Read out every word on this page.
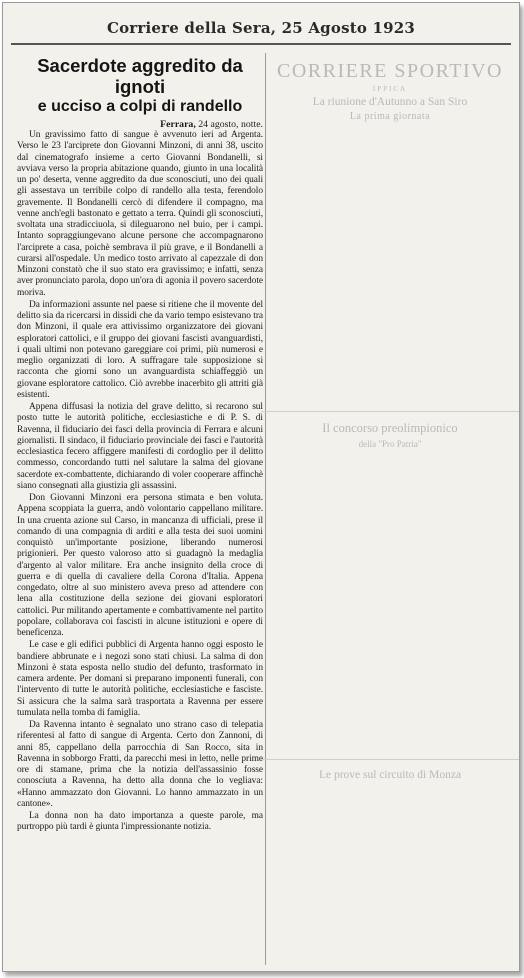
Corriere della Sera, 25 Agosto 1923
Sacerdote aggredito da ignoti
e ucciso a colpi di randello

Ferrara, 24 agosto, notte.

Un gravissimo fatto di sangue è avvenuto ieri ad Argenta. Verso le 23 l'arciprete don Giovanni Minzoni, di anni 38, uscito dal cinematografo insieme a certo Giovanni Bondanelli, si avviava verso la propria abitazione quando, giunto in una località un po' deserta, venne aggredito da due sconosciuti, uno dei quali gli assestava un terribile colpo di randello alla testa, ferendolo gravemente. Il Bondanelli cercò di difendere il compagno, ma venne anch'egli bastonato e gettato a terra. Quindi gli sconosciuti, svoltata una stradicciuola, si dileguarono nel buio, per i campi. Intanto sopraggiungevano alcune persone che accompagnarono l'arciprete a casa, poichè sembrava il più grave, e il Bondanelli a curarsi all'ospedale. Un medico tosto arrivato al capezzale di don Minzoni constatò che il suo stato era gravissimo; e infatti, senza aver pronunciato parola, dopo un'ora di agonia il povero sacerdote moriva.

Da informazioni assunte nel paese si ritiene che il movente del delitto sia da ricercarsi in dissidi che da vario tempo esistevano tra don Minzoni, il quale era attivissimo organizzatore dei giovani esploratori cattolici, e il gruppo dei giovani fascisti avanguardisti, i quali ultimi non potevano gareggiare coi primi, più numerosi e meglio organizzati di loro. A suffragare tale supposizione si racconta che giorni sono un avanguardista schiaffeggiò un giovane esploratore cattolico. Ciò avrebbe inacerbito gli attriti già esistenti.

Appena diffusasi la notizia del grave delitto, si recarono sul posto tutte le autorità politiche, ecclesiastiche e di P. S. di Ravenna, il fiduciario dei fasci della provincia di Ferrara e alcuni giornalisti. Il sindaco, il fiduciario provinciale dei fasci e l'autorità ecclesiastica fecero affiggere manifesti di cordoglio per il delitto commesso, concordando tutti nel salutare la salma del giovane sacerdote ex-combattente, dichiarando di voler cooperare affinchè siano consegnati alla giustizia gli assassini.

Don Giovanni Minzoni era persona stimata e ben voluta. Appena scoppiata la guerra, andò volontario cappellano militare. In una cruenta azione sul Carso, in mancanza di ufficiali, prese il comando di una compagnia di arditi e alla testa dei suoi uomini conquistò un'importante posizione, liberando numerosi prigionieri. Per questo valoroso atto si guadagnò la medaglia d'argento al valor militare. Era anche insignito della croce di guerra e di quella di cavaliere della Corona d'Italia. Appena congedato, oltre al suo ministero aveva preso ad attendere con lena alla costituzione della sezione dei giovani esploratori cattolici. Pur militando apertamente e combattivamente nel partito popolare, collaborava coi fascisti in alcune istituzioni e opere di beneficenza.

Le case e gli edifici pubblici di Argenta hanno oggi esposto le bandiere abbrunate e i negozi sono stati chiusi. La salma di don Minzoni è stata esposta nello studio del defunto, trasformato in camera ardente. Per domani si preparano imponenti funerali, con l'intervento di tutte le autorità politiche, ecclesiastiche e fasciste. Si assicura che la salma sarà trasportata a Ravenna per essere tumulata nella tomba di famiglia.

Da Ravenna intanto è segnalato uno strano caso di telepatia riferentesi al fatto di sangue di Argenta. Certo don Zannoni, di anni 85, cappellano della parrocchia di San Rocco, sita in Ravenna in sobborgo Fratti, da parecchi mesi in letto, nelle prime ore di stamane, prima che la notizia dell'assassinio fosse conosciuta a Ravenna, ha detto alla donna che lo vegliava: «Hanno ammazzato don Giovanni. Lo hanno ammazzato in un cantone».

La donna non ha dato importanza a queste parole, ma purtroppo più tardi è giunta l'impressionante notizia.

CORRIERE SPORTIVO
IPPICA
La riunione d'Autunno a San Siro
La prima giornata
Il concorso preolimpionico
della "Pro Patria"
Le prove sul circuito di Monza
